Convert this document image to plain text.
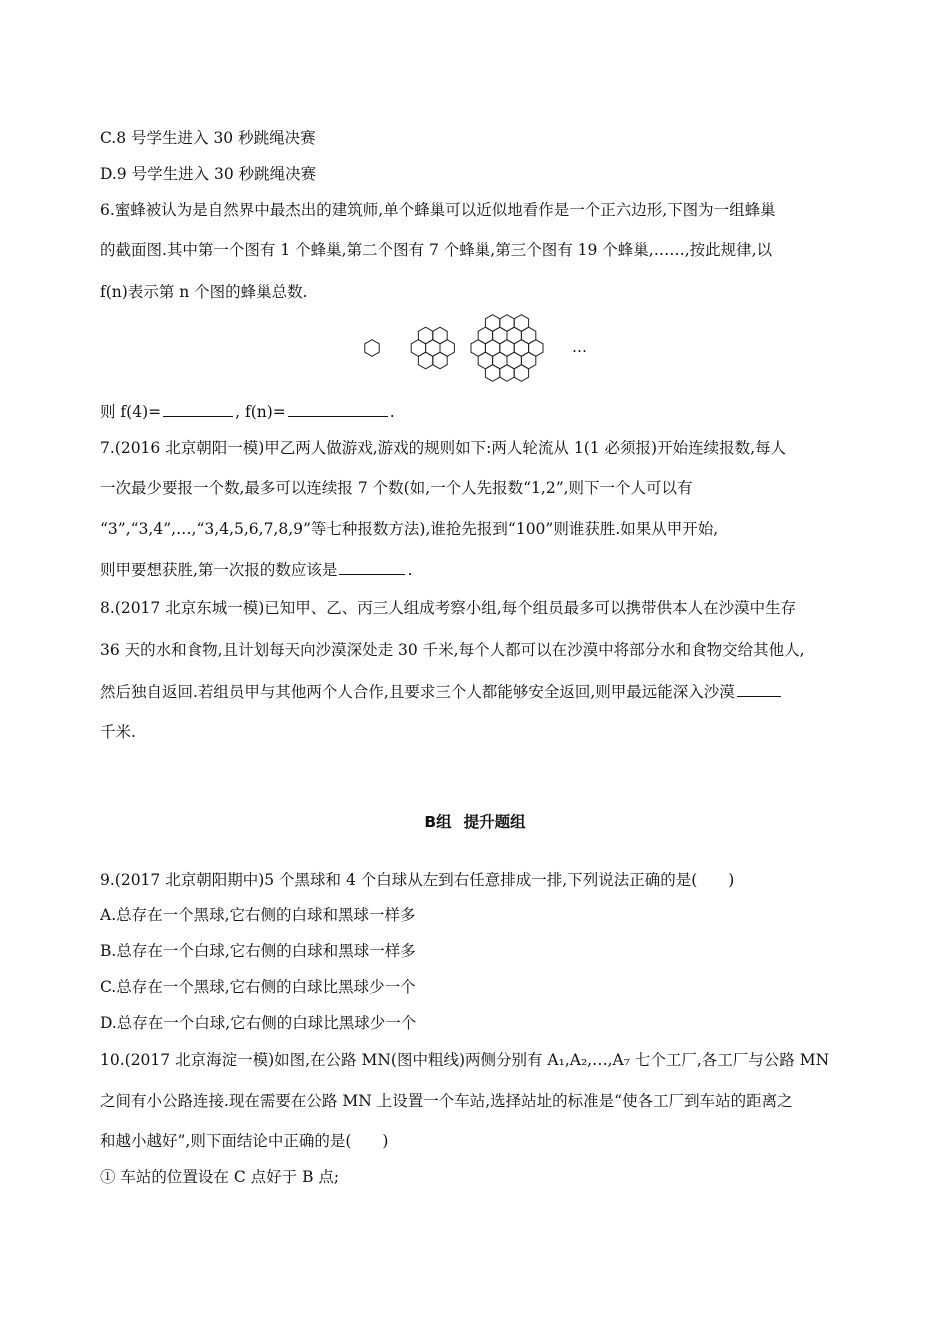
C.8 号学生进入 30 秒跳绳决赛
D.9 号学生进入 30 秒跳绳决赛
6.蜜蜂被认为是自然界中最杰出的建筑师,单个蜂巢可以近似地看作是一个正六边形,下图为一组蜂巢
的截面图.其中第一个图有 1 个蜂巢,第二个图有 7 个蜂巢,第三个图有 19 个蜂巢,……,按此规律,以
f(n)表示第 n 个图的蜂巢总数.
…
则 f(4)=	, f(n)=	.
7.(2016 北京朝阳一模)甲乙两人做游戏,游戏的规则如下:两人轮流从 1(1 必须报)开始连续报数,每人
一次最少要报一个数,最多可以连续报 7 个数(如,一个人先报数“1,2”,则下一个人可以有
“3”,“3,4”,…,“3,4,5,6,7,8,9”等七种报数方法),谁抢先报到“100”则谁获胜.如果从甲开始,
则甲要想获胜,第一次报的数应该是	.
8.(2017 北京东城一模)已知甲、乙、丙三人组成考察小组,每个组员最多可以携带供本人在沙漠中生存
36 天的水和食物,且计划每天向沙漠深处走 30 千米,每个人都可以在沙漠中将部分水和食物交给其他人,
然后独自返回.若组员甲与其他两个人合作,且要求三个人都能够安全返回,则甲最远能深入沙漠
千米.
B组 提升题组
9.(2017 北京朝阳期中)5 个黑球和 4 个白球从左到右任意排成一排,下列说法正确的是(　　)
A.总存在一个黑球,它右侧的白球和黑球一样多
B.总存在一个白球,它右侧的白球和黑球一样多
C.总存在一个黑球,它右侧的白球比黑球少一个
D.总存在一个白球,它右侧的白球比黑球少一个
10.(2017 北京海淀一模)如图,在公路 MN(图中粗线)两侧分别有 A₁,A₂,…,A₇ 七个工厂,各工厂与公路 MN
之间有小公路连接.现在需要在公路 MN 上设置一个车站,选择站址的标准是“使各工厂到车站的距离之
和越小越好”,则下面结论中正确的是(　　)
① 车站的位置设在 C 点好于 B 点;
